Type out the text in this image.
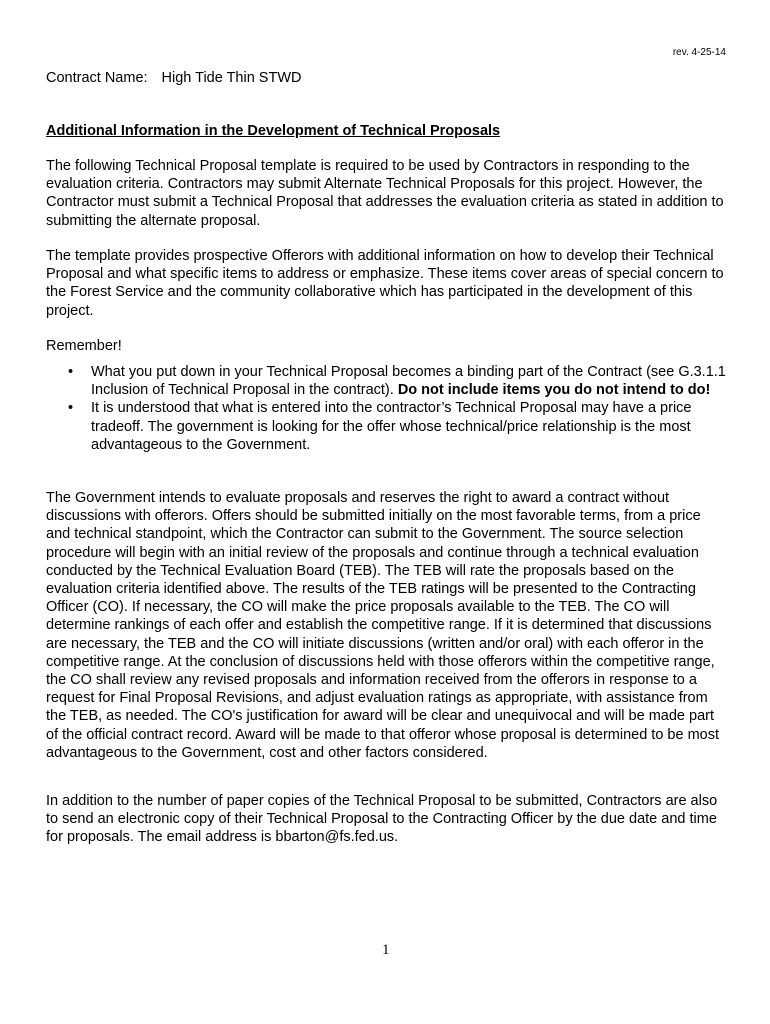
rev. 4-25-14
Contract Name: High Tide Thin STWD
Additional Information in the Development of Technical Proposals

The following Technical Proposal template is required to be used by Contractors in responding to the evaluation criteria. Contractors may submit Alternate Technical Proposals for this project. However, the Contractor must submit a Technical Proposal that addresses the evaluation criteria as stated in addition to submitting the alternate proposal.

The template provides prospective Offerors with additional information on how to develop their Technical Proposal and what specific items to address or emphasize. These items cover areas of special concern to the Forest Service and the community collaborative which has participated in the development of this project.

Remember!

• What you put down in your Technical Proposal becomes a binding part of the Contract (see G.3.1.1 Inclusion of Technical Proposal in the contract). Do not include items you do not intend to do!
• It is understood that what is entered into the contractor’s Technical Proposal may have a price tradeoff. The government is looking for the offer whose technical/price relationship is the most advantageous to the Government.

The Government intends to evaluate proposals and reserves the right to award a contract without discussions with offerors. Offers should be submitted initially on the most favorable terms, from a price and technical standpoint, which the Contractor can submit to the Government. The source selection procedure will begin with an initial review of the proposals and continue through a technical evaluation conducted by the Technical Evaluation Board (TEB). The TEB will rate the proposals based on the evaluation criteria identified above. The results of the TEB ratings will be presented to the Contracting Officer (CO). If necessary, the CO will make the price proposals available to the TEB. The CO will determine rankings of each offer and establish the competitive range. If it is determined that discussions are necessary, the TEB and the CO will initiate discussions (written and/or oral) with each offeror in the competitive range. At the conclusion of discussions held with those offerors within the competitive range, the CO shall review any revised proposals and information received from the offerors in response to a request for Final Proposal Revisions, and adjust evaluation ratings as appropriate, with assistance from the TEB, as needed. The CO's justification for award will be clear and unequivocal and will be made part of the official contract record. Award will be made to that offeror whose proposal is determined to be most advantageous to the Government, cost and other factors considered.

In addition to the number of paper copies of the Technical Proposal to be submitted, Contractors are also to send an electronic copy of their Technical Proposal to the Contracting Officer by the due date and time for proposals. The email address is bbarton@fs.fed.us.

1
